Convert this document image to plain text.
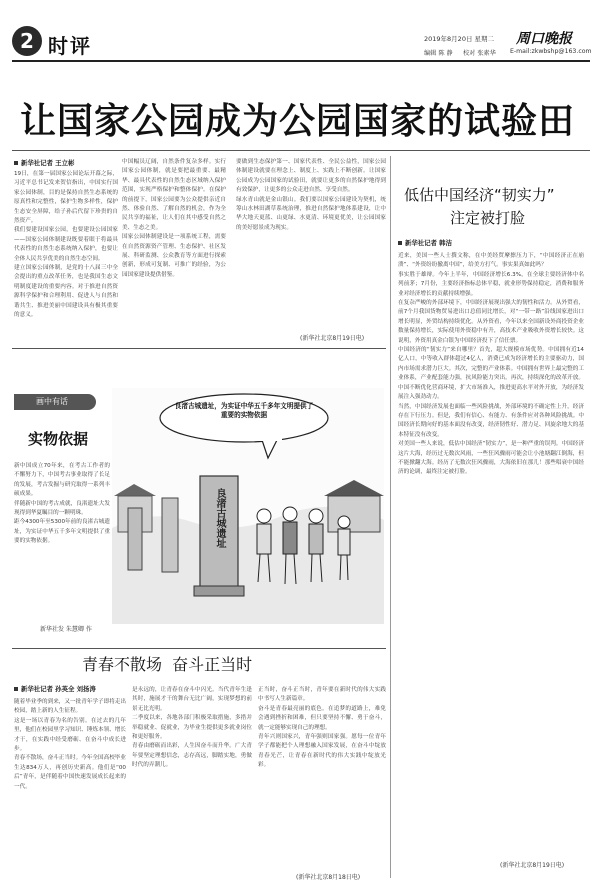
2 时评	2019年8月20日 星期二 周口晚报
编辑 陈 静 校对 张素华 E-mail:zkwbshp@163.com
让国家公园成为公园国家的试验田
新华社记者 王立彬
19日，在第一届国家公园论坛开幕之际，习近平总书记发来贺信指出，中国实行国家公园体制，目的是保持自然生态系统的原真性和完整性，保护生物多样性，保护生态安全屏障，给子孙后代留下珍贵的自然资产。
我们要建设国家公园，也要建设公园国家——国家公园体制建设既要着眼于将最具代表性的自然生态系统纳入保护，也要让全体人民共享优美的自然生态空间。
建立国家公园体制，是党的十八届三中全会提出的重点改革任务，也是我国生态文明制度建设的重要内容。对于推进自然资源科学保护和合理利用、促进人与自然和谐共生、推进美丽中国建设具有极其重要的意义。
中国幅员辽阔，自然条件复杂多样。实行国家公园体制，就是要把最重要、最精华、最具代表性的自然生态区域纳入保护范围，实现严格保护和整体保护。在保护的前提下，国家公园要为公众提供亲近自然、体验自然、了解自然的机会，作为全民共享的福祉，让人们在其中感受自然之美、生态之美。
国家公园体制建设是一项系统工程，需要在自然资源资产管理、生态保护、社区发展、科研监测、公众教育等方面进行探索创新，形成可复制、可推广的经验，为公园国家建设提供借鉴。
要做到生态保护第一、国家代表性、全民公益性，国家公园体制建设就要在理念上、制度上、实践上不断创新。让国家公园成为公园国家的试验田，就要让更多的自然保护地得到有效保护，让更多的公众走进自然、享受自然。
绿水青山就是金山银山。我们要以国家公园建设为契机，统筹山水林田湖草系统治理，推进自然保护地体系建设，让中华大地天更蓝、山更绿、水更清、环境更优美，让公园国家的美好愿景成为现实。
(新华社北京8月19日电)
低估中国经济“韧实力”
注定被打脸
新华社记者 韩洁
近来，美国一些人士撰文称，在中美经贸摩擦压力下，“中国经济正在崩溃”、“外资纷纷撤离中国”，给美方打气。事实果真如此吗？
事实胜于雄辩。今年上半年，中国经济增长6.3%，在全球主要经济体中名列前茅；7月份，主要经济指标总体平稳，就业形势保持稳定，消费和服务业对经济增长的贡献持续增强。
在复杂严峻的外部环境下，中国经济展现出强大的韧性和活力。从外贸看，前7个月我国货物贸易进出口总值同比增长，对“一带一路”沿线国家进出口增长明显，外贸结构持续优化。从外资看，今年以来全国新设外商投资企业数量保持增长，实际使用外资稳中有升，高技术产业吸收外资增长较快。这说明，外资用真金白银为中国经济投下了信任票。
中国经济的“韧实力”来自哪里？首先，超大规模市场优势。中国拥有近14亿人口，中等收入群体超过4亿人，消费已成为经济增长的主要驱动力，国内市场需求潜力巨大。其次，完整的产业体系。中国拥有世界上最完整的工业体系，产业配套能力强，抗风险能力突出。再次，持续深化的改革开放。中国不断优化营商环境，扩大市场准入，推进更高水平对外开放，为经济发展注入强劲动力。
当然，中国经济发展也面临一些风险挑战，外部环境的不确定性上升，经济存在下行压力。但是，我们有信心、有能力、有条件应对各种风险挑战。中国经济长期向好的基本面没有改变，经济韧性好、潜力足、回旋余地大的基本特征没有改变。
对美国一些人来说，低估中国经济“韧实力”，是一种严重的误判。中国经济这片大海，经历过无数次风雨，一些狂风骤雨可能会让小池塘翻江倒海，但不能掀翻大海。经历了无数次狂风骤雨，大海依旧在那儿！那些唱衰中国经济的论调，最终注定被打脸。
(新华社北京8月19日电)
画中有话
实物依据
新中国成立70年来，在考古工作者的不懈努力下，中国考古事业取得了长足的发展，考古发掘与研究取得一系列丰硕成果。
伴随新中国的考古成就，良渚遗址大发现得到华夏瞩目的一颗明珠。
距今4300年至5300年前的良渚古城遗址，为实证中华五千多年文明提供了重要的实物依据。
新华社发 朱慧卿 作
良渚古城遗址，为实证中华五千多年文明提供了重要的实物依据
良渚古城遗址
青春不散场  奋斗正当时
新华社记者 孙英全 刘扬涛
随着毕业季的到来，又一批青年学子即将走出校园，踏上新的人生征程。
这是一场以青春为名的告别。在过去的几年里，他们在校园里学习知识、锤炼本领、增长才干，在实践中经受磨砺、在奋斗中成长进步。
青春不散场，奋斗正当时。今年全国高校毕业生达834万人，再创历史新高。他们是“00后”青年，是伴随着中国快速发展成长起来的一代。
是永远的，让青春在奋斗中闪光。当代青年生逢其时，施展才干的舞台无比广阔，实现梦想的前景无比光明。
二季度以来，各地各部门积极采取措施，多措并举稳就业、促就业，为毕业生提供更多就业岗位和更好服务。
青春由磨砺而出彩，人生因奋斗而升华。广大青年要坚定理想信念，志存高远，脚踏实地，勇做时代的弄潮儿。
正当时，奋斗正当时，青年要在新时代的伟大实践中书写人生新篇章。
奋斗是青春最亮丽的底色。在追梦的道路上，难免会遇到挫折和困难，但只要坚持不懈、勇于奋斗，就一定能够实现自己的理想。
青年兴则国家兴，青年强则国家强。愿每一位青年学子都能把个人理想融入国家发展，在奋斗中绽放青春光芒，让青春在新时代的伟大实践中绽放光彩。
(新华社北京8月18日电)
